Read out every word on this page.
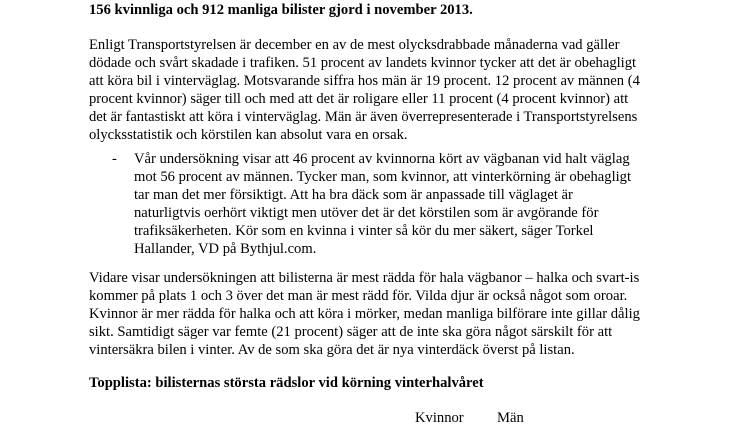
156 kvinnliga och 912 manliga bilister gjord i november 2013.

Enligt Transportstyrelsen är december en av de mest olycksdrabbade månaderna vad gäller
dödade och svårt skadade i trafiken. 51 procent av landets kvinnor tycker att det är obehagligt
att köra bil i vinterväglag. Motsvarande siffra hos män är 19 procent. 12 procent av männen (4
procent kvinnor) säger till och med att det är roligare eller 11 procent (4 procent kvinnor) att
det är fantastiskt att köra i vinterväglag. Män är även överrepresenterade i Transportstyrelsens
olycksstatistik och körstilen kan absolut vara en orsak.
- Vår undersökning visar att 46 procent av kvinnorna kört av vägbanan vid halt väglag
mot 56 procent av männen. Tycker man, som kvinnor, att vinterkörning är obehagligt
tar man det mer försiktigt. Att ha bra däck som är anpassade till väglaget är
naturligtvis oerhört viktigt men utöver det är det körstilen som är avgörande för
trafiksäkerheten. Kör som en kvinna i vinter så kör du mer säkert, säger Torkel
Hallander, VD på Bythjul.com.
Vidare visar undersökningen att bilisterna är mest rädda för hala vägbanor – halka och svart-is
kommer på plats 1 och 3 över det man är mest rädd för. Vilda djur är också något som oroar.
Kvinnor är mer rädda för halka och att köra i mörker, medan manliga bilförare inte gillar dålig
sikt. Samtidigt säger var femte (21 procent) säger att de inte ska göra något särskilt för att
vintersäkra bilen i vinter. Av de som ska göra det är nya vinterdäck överst på listan.

Topplista: bilisternas största rädslor vid körning vinterhalvåret

Kvinnor Män
